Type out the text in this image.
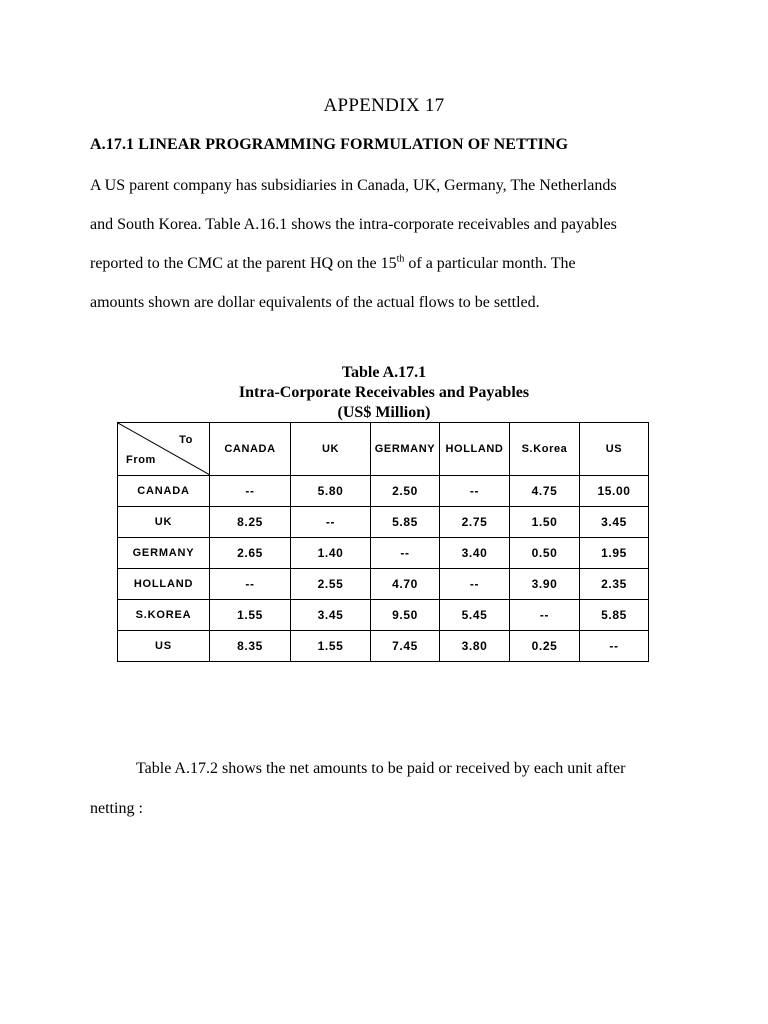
APPENDIX 17
A.17.1 LINEAR PROGRAMMING FORMULATION OF NETTING
A US parent company has subsidiaries in Canada, UK, Germany, The Netherlands
and South Korea. Table A.16.1 shows the intra-corporate receivables and payables
reported to the CMC at the parent HQ on the 15th of a particular month. The
amounts shown are dollar equivalents of the actual flows to be settled.
Table A.17.1
Intra-Corporate Receivables and Payables
(US$ Million)
To
From	CANADA	UK	GERMANY	HOLLAND	S.Korea	US
CANADA	--	5.80	2.50	--	4.75	15.00
UK	8.25	--	5.85	2.75	1.50	3.45
GERMANY	2.65	1.40	--	3.40	0.50	1.95
HOLLAND	--	2.55	4.70	--	3.90	2.35
S.KOREA	1.55	3.45	9.50	5.45	--	5.85
US	8.35	1.55	7.45	3.80	0.25	--
Table A.17.2 shows the net amounts to be paid or received by each unit after
netting :
